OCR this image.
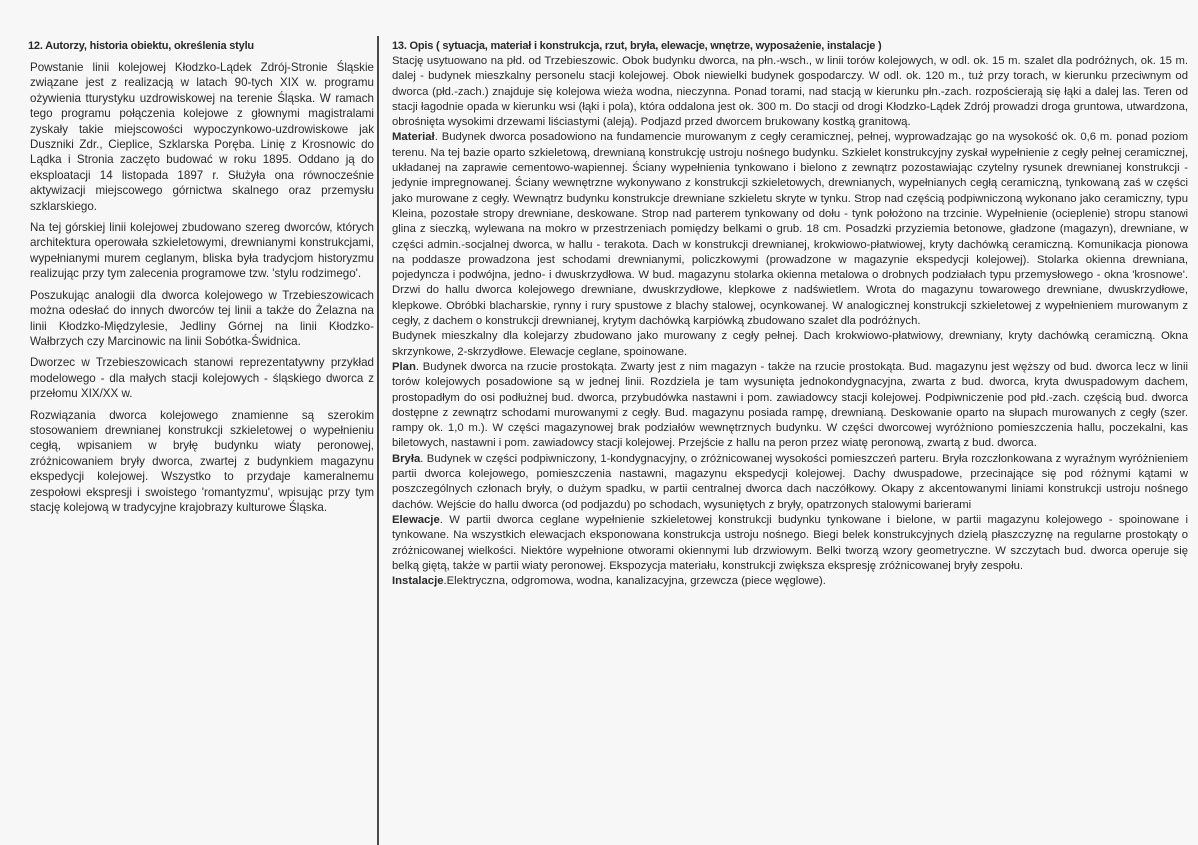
12. Autorzy, historia obiektu, określenia stylu

Powstanie linii kolejowej Kłodzko-Lądek Zdrój-Stronie Śląskie związane jest z realizacją w latach 90-tych XIX w. programu ożywienia tturystyku uzdrowiskowej na terenie Śląska. W ramach tego programu połączenia kolejowe z głownymi magistralami zyskały takie miejscowości wypoczynkowo-uzdrowiskowe jak Duszniki Zdr., Cieplice, Szklarska Poręba. Linię z Krosnowic do Lądka i Stronia zaczęto budować w roku 1895. Oddano ją do eksploatacji 14 listopada 1897 r. Służyła ona równocześnie aktywizacji miejscowego górnictwa skalnego oraz przemysłu szklarskiego.

Na tej górskiej linii kolejowej zbudowano szereg dworców, których architektura operowała szkieletowymi, drewnianymi konstrukcjami, wypełnianymi murem ceglanym, bliska była tradycjom historyzmu realizując przy tym zalecenia programowe tzw. 'stylu rodzimego'.

Poszukując analogii dla dworca kolejowego w Trzebieszowicach można odesłać do innych dworców tej linii a także do Żelazna na linii Kłodzko-Międzylesie, Jedliny Górnej na linii Kłodzko-Wałbrzych czy Marcinowic na linii Sobótka-Świdnica.

Dworzec w Trzebieszowicach stanowi reprezentatywny przykład modelowego - dla małych stacji kolejowych - śląskiego dworca z przełomu XIX/XX w.

Rozwiązania dworca kolejowego znamienne są szerokim stosowaniem drewnianej konstrukcji szkieletowej o wypełnieniu cegłą, wpisaniem w bryłę budynku wiaty peronowej, zróżnicowaniem bryły dworca, zwartej z budynkiem magazynu ekspedycji kolejowej. Wszystko to przydaje kameralnemu zespołowi ekspresji i swoistego 'romantyzmu', wpisując przy tym stację kolejową w tradycyjne krajobrazy kulturowe Śląska.

13. Opis ( sytuacja, materiał i konstrukcja, rzut, bryła, elewacje, wnętrze, wyposażenie, instalacje )

Stację usytuowano na płd. od Trzebieszowic. Obok budynku dworca, na płn.-wsch., w linii torów kolejowych, w odl. ok. 15 m. szalet dla podróżnych, ok. 15 m. dalej - budynek mieszkalny personelu stacji kolejowej. Obok niewielki budynek gospodarczy. W odl. ok. 120 m., tuż przy torach, w kierunku przeciwnym od dworca (płd.-zach.) znajduje się kolejowa wieża wodna, nieczynna. Ponad torami, nad stacją w kierunku płn.-zach. rozpościerają się łąki a dalej las. Teren od stacji łagodnie opada w kierunku wsi (łąki i pola), która oddalona jest ok. 300 m. Do stacji od drogi Kłodzko-Lądek Zdrój prowadzi droga gruntowa, utwardzona, obrośnięta wysokimi drzewami liściastymi (aleją). Podjazd przed dworcem brukowany kostką granitową.

Materiał. Budynek dworca posadowiono na fundamencie murowanym z cegły ceramicznej, pełnej, wyprowadzając go na wysokość ok. 0,6 m. ponad poziom terenu. Na tej bazie oparto szkieletową, drewnianą konstrukcję ustroju nośnego budynku. Szkielet konstrukcyjny zyskał wypełnienie z cegły pełnej ceramicznej, układanej na zaprawie cementowo-wapiennej. Ściany wypełnienia tynkowano i bielono z zewnątrz pozostawiając czytelny rysunek drewnianej konstrukcji - jedynie impregnowanej. Ściany wewnętrzne wykonywano z konstrukcji szkieletowych, drewnianych, wypełnianych cegłą ceramiczną, tynkowaną zaś w części jako murowane z cegły. Wewnątrz budynku konstrukcje drewniane szkieletu skryte w tynku. Strop nad częścią podpiwniczoną wykonano jako ceramiczny, typu Kleina, pozostałe stropy drewniane, deskowane. Strop nad parterem tynkowany od dołu - tynk położono na trzcinie. Wypełnienie (ocieplenie) stropu stanowi glina z sieczką, wylewana na mokro w przestrzeniach pomiędzy belkami o grub. 18 cm. Posadzki przyziemia betonowe, gładzone (magazyn), drewniane, w części admin.-socjalnej dworca, w hallu - terakota. Dach w konstrukcji drewnianej, krokwiowo-płatwiowej, kryty dachówką ceramiczną. Komunikacja pionowa na poddasze prowadzona jest schodami drewnianymi, policzkowymi (prowadzone w magazynie ekspedycji kolejowej). Stolarka okienna drewniana, pojedyncza i podwójna, jedno- i dwuskrzydłowa. W bud. magazynu stolarka okienna metalowa o drobnych podziałach typu przemysłowego - okna 'krosnowe'. Drzwi do hallu dworca kolejowego drewniane, dwuskrzydłowe, klepkowe z nadświetlem. Wrota do magazynu towarowego drewniane, dwuskrzydłowe, klepkowe. Obróbki blacharskie, rynny i rury spustowe z blachy stalowej, ocynkowanej. W analogicznej konstrukcji szkieletowej z wypełnieniem murowanym z cegły, z dachem o konstrukcji drewnianej, krytym dachówką karpiówką zbudowano szalet dla podróżnych.

Budynek mieszkalny dla kolejarzy zbudowano jako murowany z cegły pełnej. Dach krokwiowo-płatwiowy, drewniany, kryty dachówką ceramiczną. Okna skrzynkowe, 2-skrzydłowe. Elewacje ceglane, spoinowane.

Plan. Budynek dworca na rzucie prostokąta. Zwarty jest z nim magazyn - także na rzucie prostokąta. Bud. magazynu jest węższy od bud. dworca lecz w linii torów kolejowych posadowione są w jednej linii. Rozdziela je tam wysunięta jednokondygnacyjna, zwarta z bud. dworca, kryta dwuspadowym dachem, prostopadłym do osi podłużnej bud. dworca, przybudówka nastawni i pom. zawiadowcy stacji kolejowej. Podpiwniczenie pod płd.-zach. częścią bud. dworca dostępne z zewnątrz schodami murowanymi z cegły. Bud. magazynu posiada rampę, drewnianą. Deskowanie oparto na słupach murowanych z cegły (szer. rampy ok. 1,0 m.). W części magazynowej brak podziałów wewnętrznych budynku. W części dworcowej wyróżniono pomieszczenia hallu, poczekalni, kas biletowych, nastawni i pom. zawiadowcy stacji kolejowej. Przejście z hallu na peron przez wiatę peronową, zwartą z bud. dworca.

Bryła. Budynek w części podpiwniczony, 1-kondygnacyjny, o zróżnicowanej wysokości pomieszczeń parteru. Bryła rozczłonkowana z wyraźnym wyróżnieniem partii dworca kolejowego, pomieszczenia nastawni, magazynu ekspedycji kolejowej. Dachy dwuspadowe, przecinające się pod różnymi kątami w poszczególnych członach bryły, o dużym spadku, w partii centralnej dworca dach naczółkowy. Okapy z akcentowanymi liniami konstrukcji ustroju nośnego dachów. Wejście do hallu dworca (od podjazdu) po schodach, wysuniętych z bryły, opatrzonych stalowymi barierami

Elewacje. W partii dworca ceglane wypełnienie szkieletowej konstrukcji budynku tynkowane i bielone, w partii magazynu kolejowego - spoinowane i tynkowane. Na wszystkich elewacjach eksponowana konstrukcja ustroju nośnego. Biegi belek konstrukcyjnych dzielą płaszczyznę na regularne prostokąty o zróżnicowanej wielkości. Niektóre wypełnione otworami okiennymi lub drzwiowym. Belki tworzą wzory geometryczne. W szczytach bud. dworca operuje się belką giętą, także w partii wiaty peronowej. Ekspozycja materiału, konstrukcji zwiększa ekspresję zróżnicowanej bryły zespołu.

Instalacje.Elektryczna, odgromowa, wodna, kanalizacyjna, grzewcza (piece węglowe).
